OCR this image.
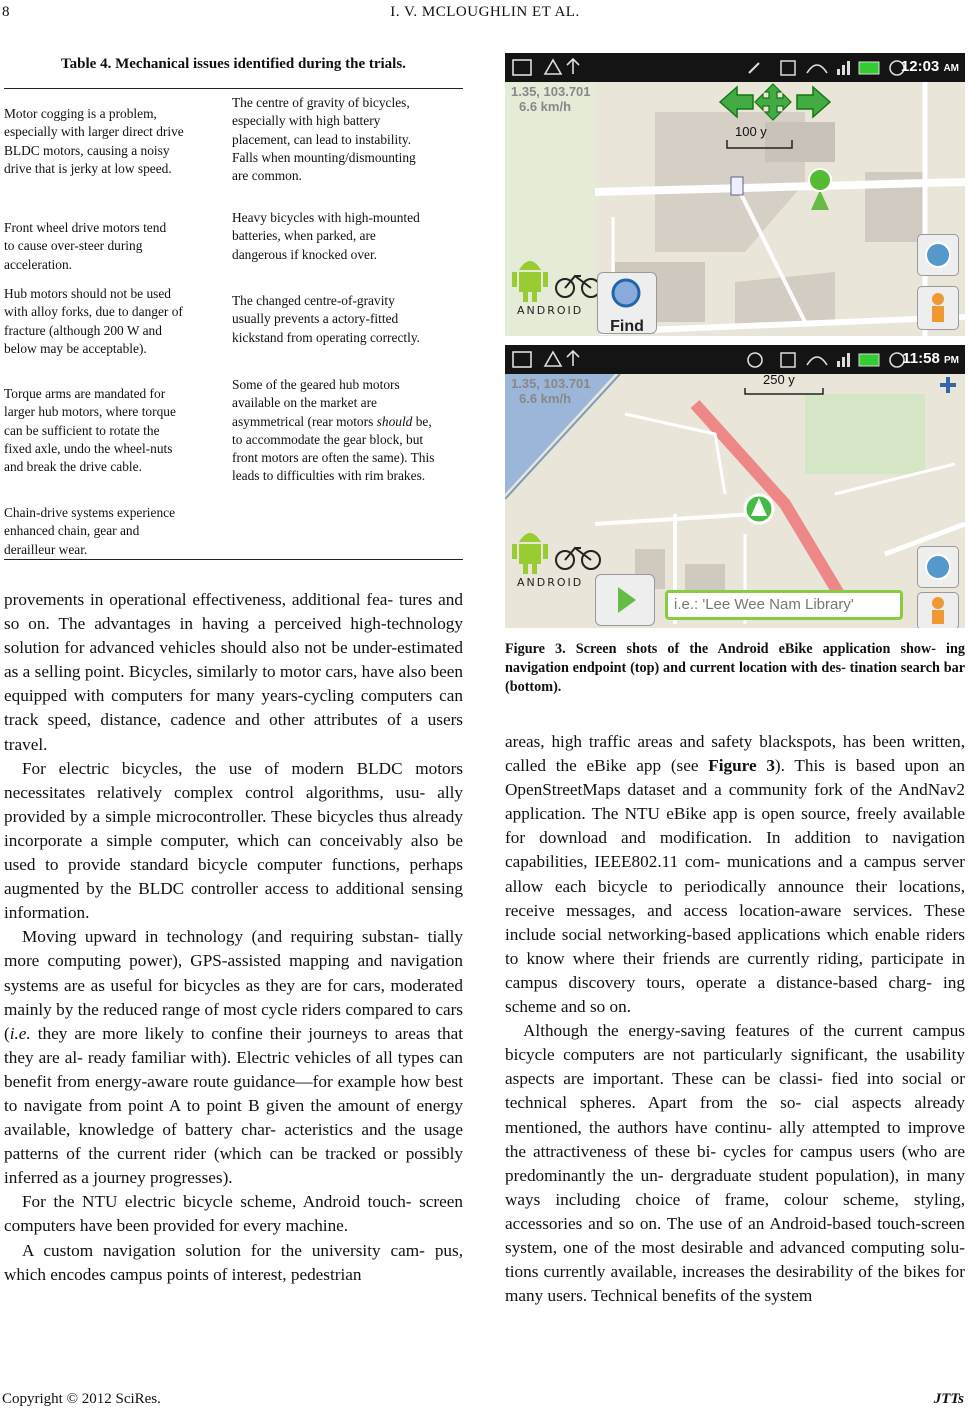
8	I. V. MCLOUGHLIN ET AL.
Table 4. Mechanical issues identified during the trials.
Motor cogging is a problem, especially with larger direct drive BLDC motors, causing a noisy drive that is jerky at low speed.
Front wheel drive motors tend to cause over-steer during acceleration.
Hub motors should not be used with alloy forks, due to danger of fracture (although 200 W and below may be acceptable).
Torque arms are mandated for larger hub motors, where torque can be sufficient to rotate the fixed axle, undo the wheel-nuts and break the drive cable.
Chain-drive systems experience enhanced chain, gear and derailleur wear.
The centre of gravity of bicycles, especially with high battery placement, can lead to instability. Falls when mounting/dismounting are common.
Heavy bicycles with high-mounted batteries, when parked, are dangerous if knocked over.
The changed centre-of-gravity usually prevents a actory-fitted kickstand from operating correctly.
Some of the geared hub motors available on the market are asymmetrical (rear motors should be, to accommodate the gear block, but front motors are often the same). This leads to difficulties with rim brakes.

provements in operational effectiveness, additional fea- tures and so on. The advantages in having a perceived high-technology solution for advanced vehicles should also not be under-estimated as a selling point. Bicycles, similarly to motor cars, have also been equipped with computers for many years-cycling computers can track speed, distance, cadence and other attributes of a users travel.

For electric bicycles, the use of modern BLDC motors necessitates relatively complex control algorithms, usu- ally provided by a simple microcontroller. These bicycles thus already incorporate a simple computer, which can conceivably also be used to provide standard bicycle computer functions, perhaps augmented by the BLDC controller access to additional sensing information.

Moving upward in technology (and requiring substan- tially more computing power), GPS-assisted mapping and navigation systems are as useful for bicycles as they are for cars, moderated mainly by the reduced range of most cycle riders compared to cars (i.e. they are more likely to confine their journeys to areas that they are al- ready familiar with). Electric vehicles of all types can benefit from energy-aware route guidance—for example how best to navigate from point A to point B given the amount of energy available, knowledge of battery char- acteristics and the usage patterns of the current rider (which can be tracked or possibly inferred as a journey progresses).

For the NTU electric bicycle scheme, Android touch- screen computers have been provided for every machine.

A custom navigation solution for the university cam- pus, which encodes campus points of interest, pedestrian

12:03 AM
1.35, 103.701
6.6 km/h
100 y
ANDROID
Find
11:58 PM
1.35, 103.701
6.6 km/h
250 y
ANDROID
i.e.: 'Lee Wee Nam Library'
Figure 3. Screen shots of the Android eBike application show- ing navigation endpoint (top) and current location with des- tination search bar (bottom).

areas, high traffic areas and safety blackspots, has been written, called the eBike app (see Figure 3). This is based upon an OpenStreetMaps dataset and a community fork of the AndNav2 application. The NTU eBike app is open source, freely available for download and modification. In addition to navigation capabilities, IEEE802.11 com- munications and a campus server allow each bicycle to periodically announce their locations, receive messages, and access location-aware services. These include social networking-based applications which enable riders to know where their friends are currently riding, participate in campus discovery tours, operate a distance-based charg- ing scheme and so on.

Although the energy-saving features of the current campus bicycle computers are not particularly significant, the usability aspects are important. These can be classi- fied into social or technical spheres. Apart from the so- cial aspects already mentioned, the authors have continu- ally attempted to improve the attractiveness of these bi- cycles for campus users (who are predominantly the un- dergraduate student population), in many ways including choice of frame, colour scheme, styling, accessories and so on. The use of an Android-based touch-screen system, one of the most desirable and advanced computing solu- tions currently available, increases the desirability of the bikes for many users. Technical benefits of the system

Copyright © 2012 SciRes.	JTTs
